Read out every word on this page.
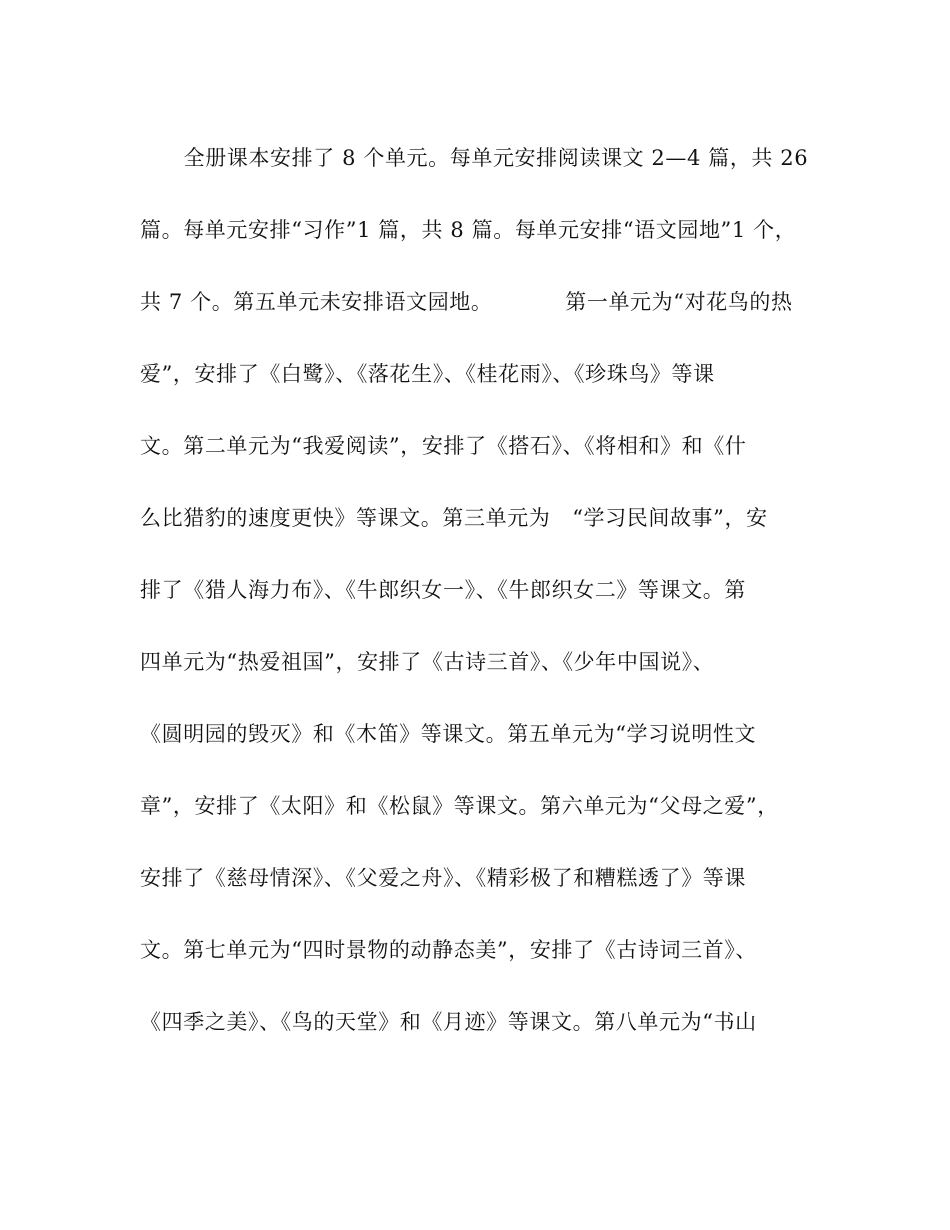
全册课本安排了 8 个单元。每单元安排阅读课文 2—4 篇，共 26
篇。每单元安排“习作”1 篇，共 8 篇。每单元安排“语文园地”1 个，
共 7 个。第五单元未安排语文园地。          第一单元为“对花鸟的热
爱”，安排了《白鹭》、《落花生》、《桂花雨》、《珍珠鸟》等课
文。第二单元为“我爱阅读”，安排了《搭石》、《将相和》和《什
么比猎豹的速度更快》等课文。第三单元为   “学习民间故事”，安
排了《猎人海力布》、《牛郎织女一》、《牛郎织女二》等课文。第
四单元为“热爱祖国”，安排了《古诗三首》、《少年中国说》、
《圆明园的毁灭》和《木笛》等课文。第五单元为“学习说明性文
章”，安排了《太阳》和《松鼠》等课文。第六单元为“父母之爱”，
安排了《慈母情深》、《父爱之舟》、《精彩极了和糟糕透了》等课
文。第七单元为“四时景物的动静态美”，安排了《古诗词三首》、
《四季之美》、《鸟的天堂》和《月迹》等课文。第八单元为“书山
